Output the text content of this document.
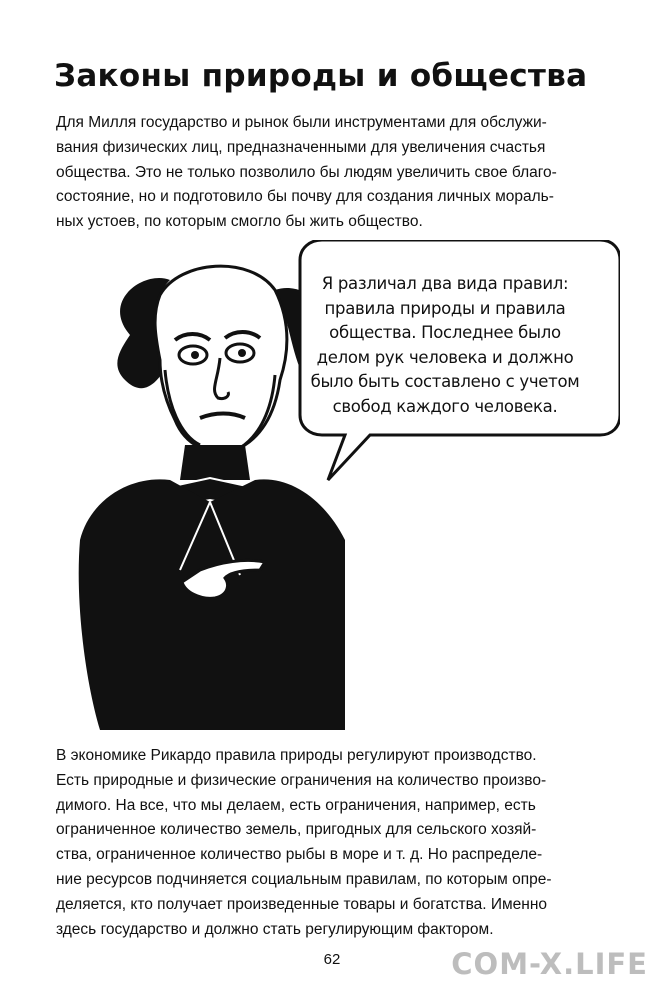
Законы природы и общества

Для Милля государство и рынок были инструментами для обслужи-
вания физических лиц, предназначенными для увеличения счастья
общества. Это не только позволило бы людям увеличить свое благо-
состояние, но и подготовило бы почву для создания личных мораль-
ных устоев, по которым смогло бы жить общество.

Я различал два вида правил:
правила природы и правила
общества. Последнее было
делом рук человека и должно
было быть составлено с учетом
свобод каждого человека.

В экономике Рикардо правила природы регулируют производство.
Есть природные и физические ограничения на количество произво-
димого. На все, что мы делаем, есть ограничения, например, есть
ограниченное количество земель, пригодных для сельского хозяй-
ства, ограниченное количество рыбы в море и т. д. Но распределе-
ние ресурсов подчиняется социальным правилам, по которым опре-
деляется, кто получает произведенные товары и богатства. Именно
здесь государство и должно стать регулирующим фактором.

62	COM-X.LIFE
